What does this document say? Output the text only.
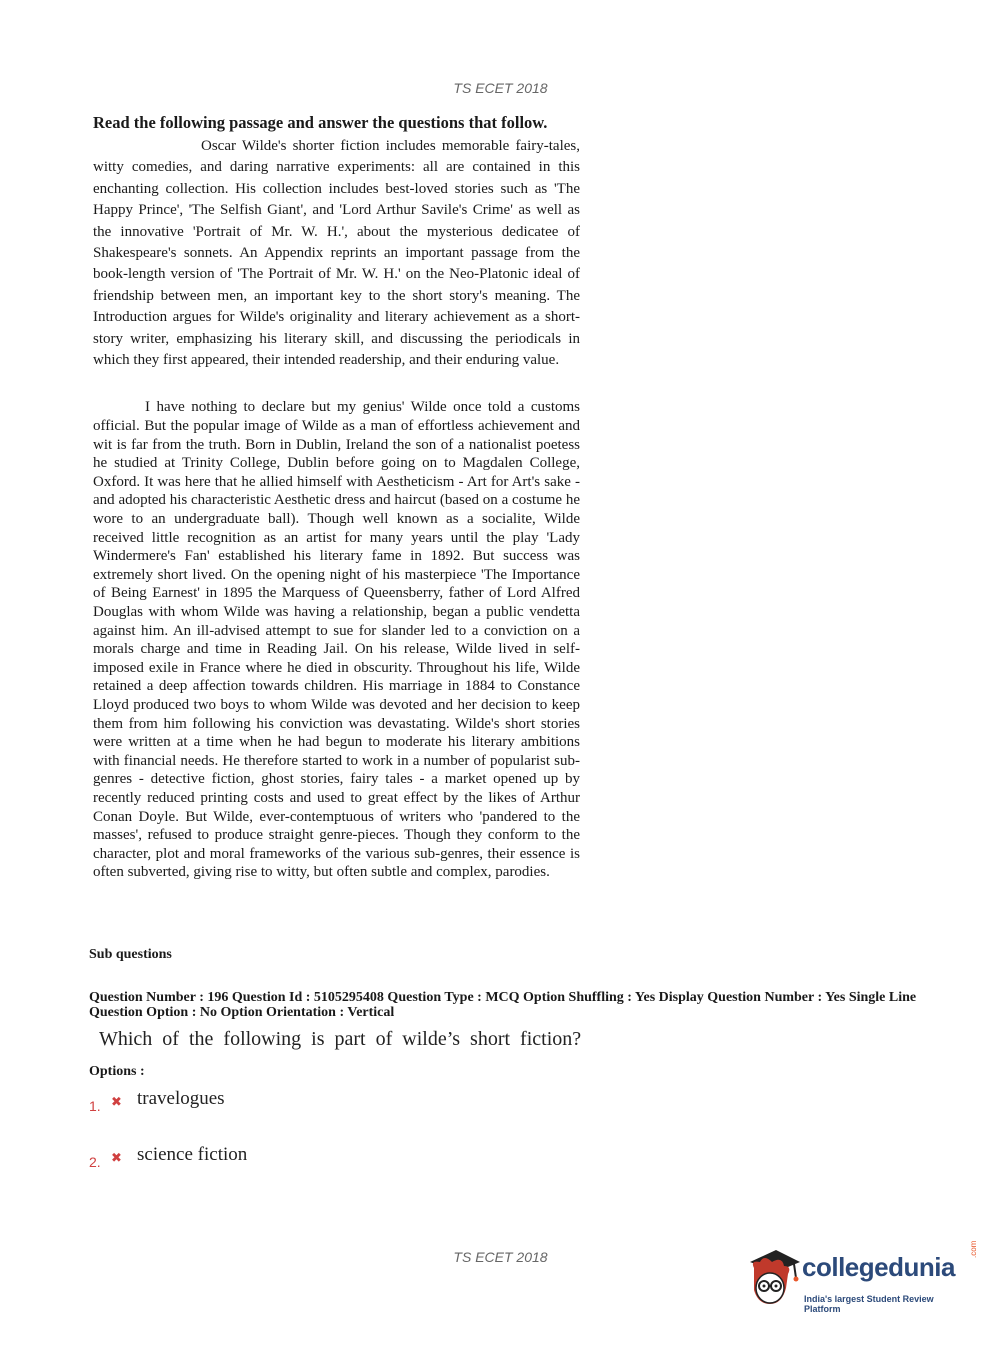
TS ECET 2018

Read the following passage and answer the questions that follow.

Oscar Wilde's shorter fiction includes memorable fairy-tales, witty comedies, and daring narrative experiments: all are contained in this enchanting collection. His collection includes best-loved stories such as 'The Happy Prince', 'The Selfish Giant', and 'Lord Arthur Savile's Crime' as well as the innovative 'Portrait of Mr. W. H.', about the mysterious dedicatee of Shakespeare's sonnets. An Appendix reprints an important passage from the book-length version of 'The Portrait of Mr. W. H.' on the Neo-Platonic ideal of friendship between men, an important key to the short story's meaning. The Introduction argues for Wilde's originality and literary achievement as a short-story writer, emphasizing his literary skill, and discussing the periodicals in which they first appeared, their intended readership, and their enduring value.

I have nothing to declare but my genius' Wilde once told a customs official. But the popular image of Wilde as a man of effortless achievement and wit is far from the truth. Born in Dublin, Ireland the son of a nationalist poetess he studied at Trinity College, Dublin before going on to Magdalen College, Oxford. It was here that he allied himself with Aestheticism - Art for Art's sake - and adopted his characteristic Aesthetic dress and haircut (based on a costume he wore to an undergraduate ball). Though well known as a socialite, Wilde received little recognition as an artist for many years until the play 'Lady Windermere's Fan' established his literary fame in 1892. But success was extremely short lived. On the opening night of his masterpiece 'The Importance of Being Earnest' in 1895 the Marquess of Queensberry, father of Lord Alfred Douglas with whom Wilde was having a relationship, began a public vendetta against him. An ill-advised attempt to sue for slander led to a conviction on a morals charge and time in Reading Jail. On his release, Wilde lived in self-imposed exile in France where he died in obscurity. Throughout his life, Wilde retained a deep affection towards children. His marriage in 1884 to Constance Lloyd produced two boys to whom Wilde was devoted and her decision to keep them from him following his conviction was devastating. Wilde's short stories were written at a time when he had begun to moderate his literary ambitions with financial needs. He therefore started to work in a number of popularist sub-genres - detective fiction, ghost stories, fairy tales - a market opened up by recently reduced printing costs and used to great effect by the likes of Arthur Conan Doyle. But Wilde, ever-contemptuous of writers who 'pandered to the masses', refused to produce straight genre-pieces. Though they conform to the character, plot and moral frameworks of the various sub-genres, their essence is often subverted, giving rise to witty, but often subtle and complex, parodies.

Sub questions
Question Number : 196 Question Id : 5105295408 Question Type : MCQ Option Shuffling : Yes Display Question Number : Yes Single Line Question Option : No Option Orientation : Vertical
Which of the following is part of wilde’s short fiction?
Options :
1. ✖ travelogues
2. ✖ science fiction
TS ECET 2018	collegedunia
.com
India's largest Student Review Platform
